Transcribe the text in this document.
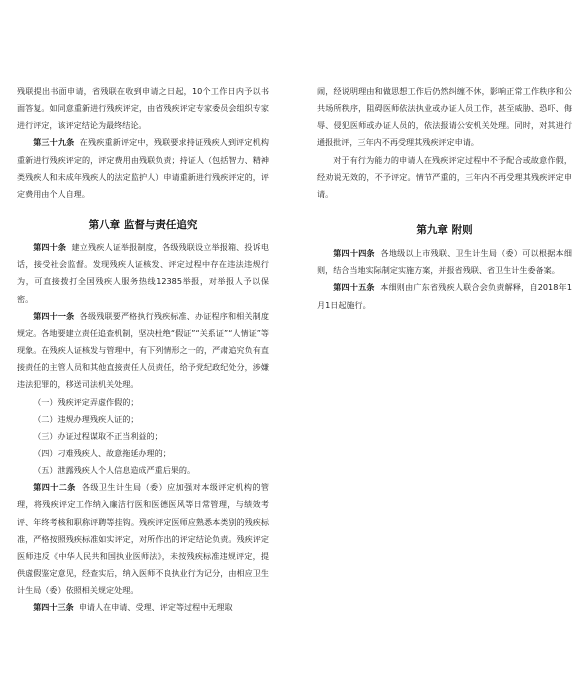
残联提出书面申请，省残联在收到申请之日起，10个工作日内予以书面答复。如同意重新进行残疾评定，由省残疾评定专家委员会组织专家进行评定，该评定结论为最终结论。

第三十九条 在残疾重新评定中，残联要求持证残疾人到评定机构重新进行残疾评定的，评定费用由残联负责；持证人（包括智力、精神类残疾人和未成年残疾人的法定监护人）申请重新进行残疾评定的，评定费用由个人自理。

第八章 监督与责任追究

第四十条 建立残疾人证举报制度，各级残联设立举报箱、投诉电话，接受社会监督。发现残疾人证核发、评定过程中存在违法违规行为，可直接拨打全国残疾人服务热线12385举报，对举报人予以保密。

第四十一条 各级残联要严格执行残疾标准、办证程序和相关制度规定。各地要建立责任追查机制，坚决杜绝“假证”“关系证”“人情证”等现象。在残疾人证核发与管理中，有下列情形之一的，严肃追究负有直接责任的主管人员和其他直接责任人员责任，给予党纪政纪处分，涉嫌违法犯罪的，移送司法机关处理。

（一）残疾评定弄虚作假的；

（二）违规办理残疾人证的；

（三）办证过程谋取不正当利益的；

（四）刁难残疾人、故意拖延办理的；

（五）泄露残疾人个人信息造成严重后果的。

第四十二条 各级卫生计生局（委）应加强对本级评定机构的管理，将残疾评定工作纳入廉洁行医和医德医风等日常管理，与绩效考评、年终考核和职称评聘等挂钩。残疾评定医师应熟悉本类别的残疾标准，严格按照残疾标准如实评定，对所作出的评定结论负责。残疾评定医师违反《中华人民共和国执业医师法》，未按残疾标准违规评定，提供虚假鉴定意见，经查实后，纳入医师不良执业行为记分，由相应卫生计生局（委）依照相关规定处理。

第四十三条 申请人在申请、受理、评定等过程中无理取

闹，经说明理由和做思想工作后仍然纠缠不休，影响正常工作秩序和公共场所秩序，阻碍医师依法执业或办证人员工作，甚至威胁、恐吓、侮辱、侵犯医师或办证人员的，依法报请公安机关处理。同时，对其进行通报批评，三年内不再受理其残疾评定申请。

对于有行为能力的申请人在残疾评定过程中不予配合或故意作假，经劝说无效的，不予评定。情节严重的，三年内不再受理其残疾评定申请。

第九章 附则

第四十四条 各地级以上市残联、卫生计生局（委）可以根据本细则，结合当地实际制定实施方案，并报省残联、省卫生计生委备案。

第四十五条 本细则由广东省残疾人联合会负责解释，自2018年1月1日起施行。
